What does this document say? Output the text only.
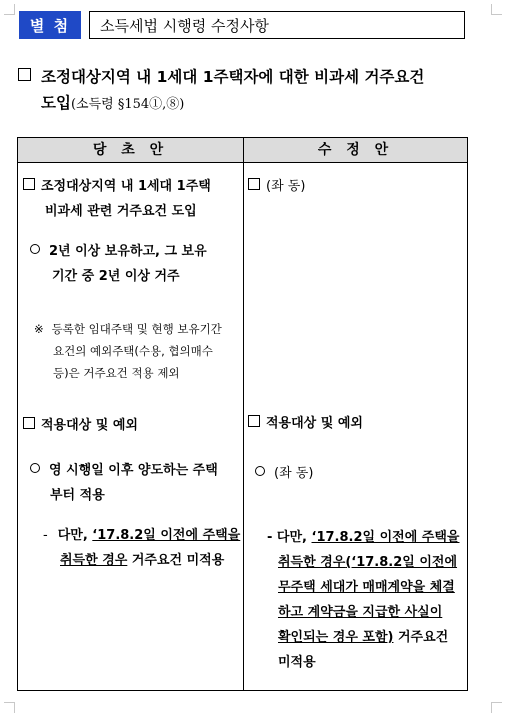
별 첨	소득세법 시행령 수정사항
조정대상지역 내 1세대 1주택자에 대한 비과세 거주요건
도입(소득령 §154①,⑧)
당 초 안	수 정 안
조정대상지역 내 1세대 1주택
비과세 관련 거주요건 도입
2년 이상 보유하고, 그 보유
기간 중 2년 이상 거주
※ 등록한 임대주택 및 현행 보유기간
요건의 예외주택(수용, 협의매수
등)은 거주요건 적용 제외
적용대상 및 예외
영 시행일 이후 양도하는 주택
부터 적용
- 다만, ‘17.8.2일 이전에 주택을
취득한 경우 거주요건 미적용
(좌 동)
적용대상 및 예외
(좌 동)
- 다만, ‘17.8.2일 이전에 주택을
취득한 경우(‘17.8.2일 이전에
무주택 세대가 매매계약을 체결
하고 계약금을 지급한 사실이
확인되는 경우 포함) 거주요건
미적용
